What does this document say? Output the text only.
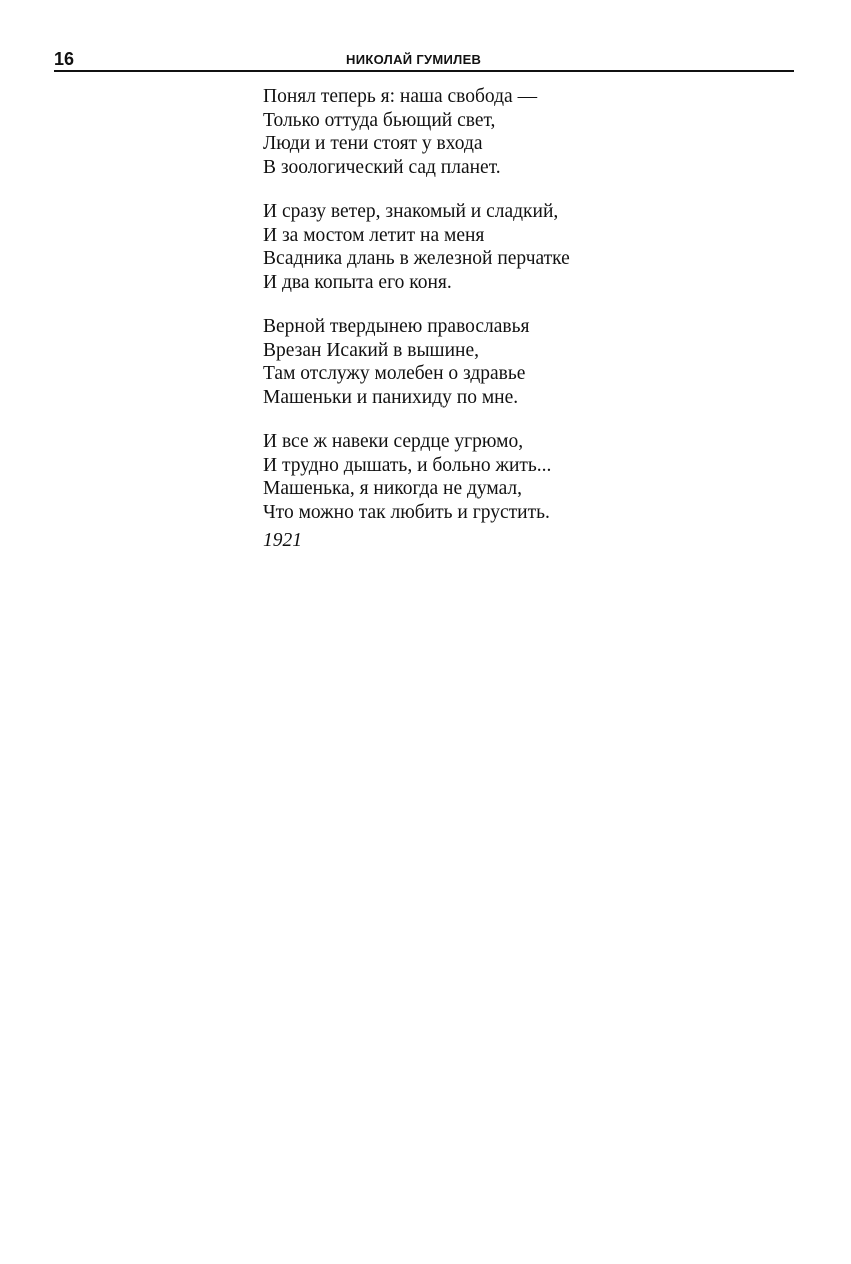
16	НИКОЛАЙ ГУМИЛЕВ
Понял теперь я: наша свобода —
Только оттуда бьющий свет,
Люди и тени стоят у входа
В зоологический сад планет.
И сразу ветер, знакомый и сладкий,
И за мостом летит на меня
Всадника длань в железной перчатке
И два копыта его коня.
Верной твердынею православья
Врезан Исакий в вышине,
Там отслужу молебен о здравье
Машеньки и панихиду по мне.
И все ж навеки сердце угрюмо,
И трудно дышать, и больно жить...
Машенька, я никогда не думал,
Что можно так любить и грустить.
1921
